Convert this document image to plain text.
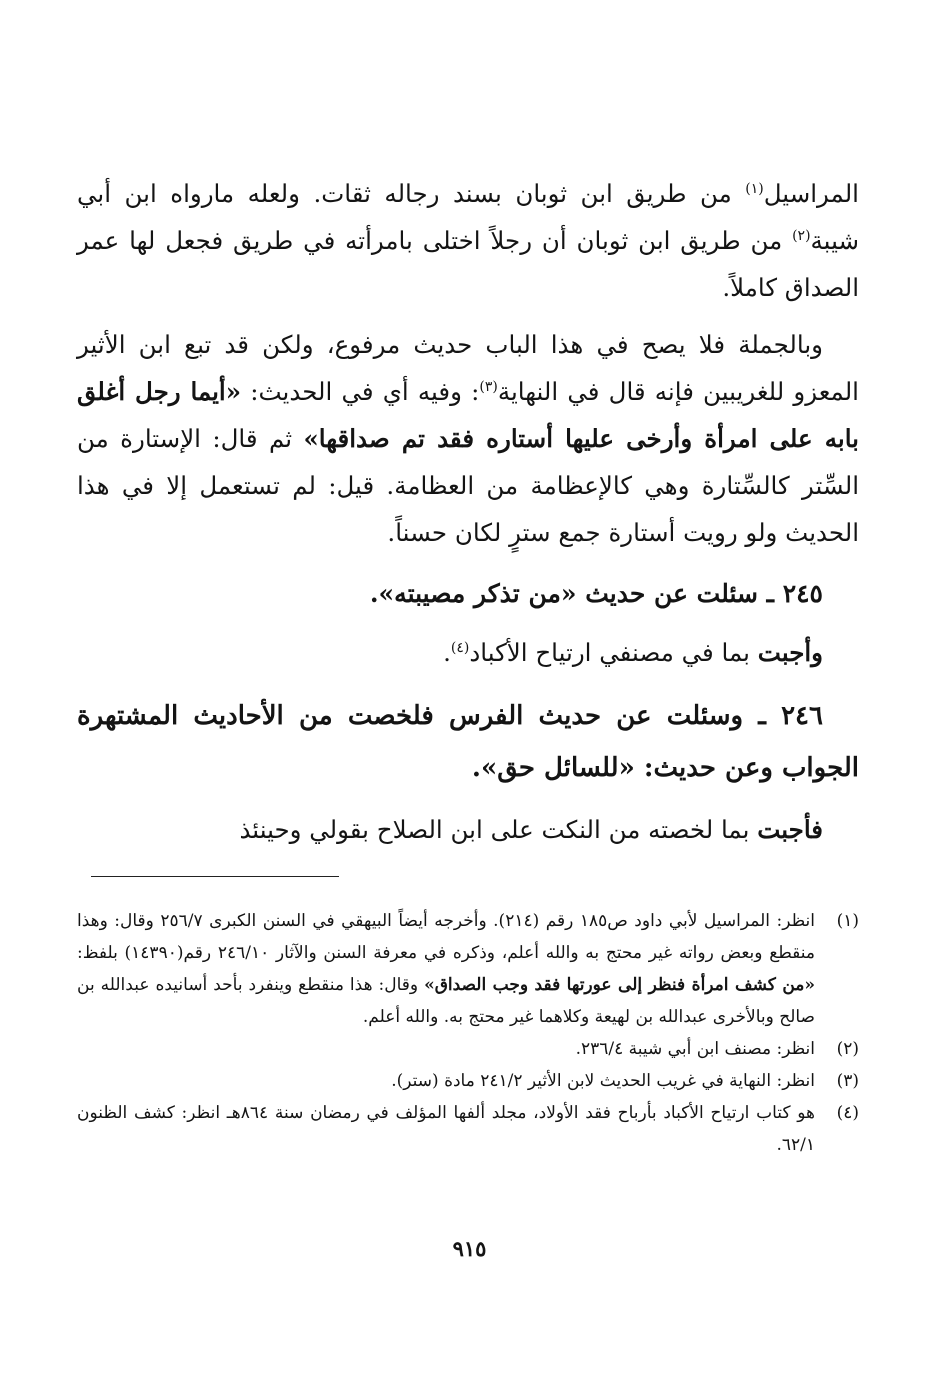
المراسيل$^{(١)}$ من طريق ابن ثوبان بسند رجاله ثقات. ولعله مارواه ابن أبي شيبة$^{(٢)}$ من طريق ابن ثوبان أن رجلاً اختلى بامرأته في طريق فجعل لها عمر الصداق كاملاً.

وبالجملة فلا يصح في هذا الباب حديث مرفوع، ولكن قد تبع ابن الأثير المعزو للغريبين فإنه قال في النهاية$^{(٣)}$: وفيه أي في الحديث: «أيما رجل أغلق بابه على امرأة وأرخى عليها أستاره فقد تم صداقها» ثم قال: الإستارة من السِّتر كالسِّتارة وهي كالإعظامة من العظامة. قيل: لم تستعمل إلا في هذا الحديث ولو رويت أستارة جمع سترٍ لكان حسناً.

٢٤٥ ـ سئلت عن حديث «من تذكر مصيبته».

وأجبت بما في مصنفي ارتياح الأكباد$^{(٤)}$.

٢٤٦ ـ وسئلت عن حديث الفرس فلخصت من الأحاديث المشتهرة الجواب وعن حديث: «للسائل حق».

فأجبت بما لخصته من النكت على ابن الصلاح بقولي وحينئذ

(١)
انظر: المراسيل لأبي داود ص١٨٥ رقم (٢١٤). وأخرجه أيضاً البيهقي في السنن الكبرى ٢٥٦/٧ وقال: وهذا منقطع وبعض رواته غير محتج به والله أعلم، وذكره في معرفة السنن والآثار ٢٤٦/١٠ رقم(١٤٣٩٠) بلفظ: «من كشف امرأة فنظر إلى عورتها فقد وجب الصداق» وقال: هذا منقطع وينفرد بأحد أسانيده عبدالله بن صالح وبالأخرى عبدالله بن لهيعة وكلاهما غير محتج به. والله أعلم.
(٢)
انظر: مصنف ابن أبي شيبة ٢٣٦/٤.
(٣)
انظر: النهاية في غريب الحديث لابن الأثير ٢٤١/٢ مادة (ستر).
(٤)
هو كتاب ارتياح الأكباد بأرباح فقد الأولاد، مجلد ألفها المؤلف في رمضان سنة ٨٦٤هـ انظر: كشف الظنون ٦٢/١.
٩١٥
